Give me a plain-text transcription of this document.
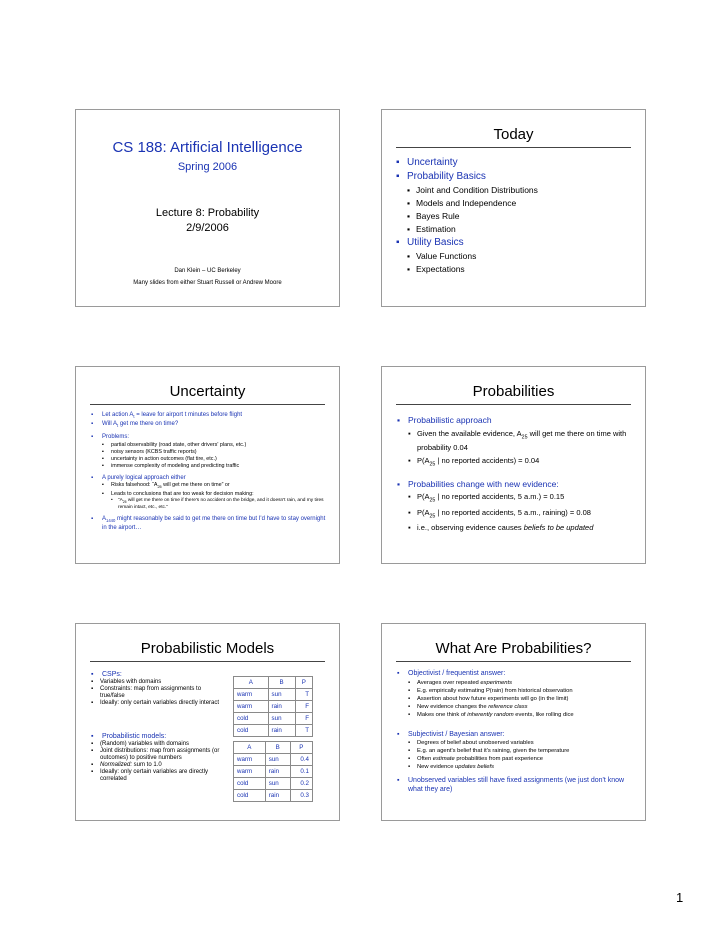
CS 188: Artificial Intelligence
Spring 2006
Lecture 8: Probability
2/9/2006
Dan Klein – UC Berkeley
Many slides from either Stuart Russell or Andrew Moore
Today
▪ Uncertainty
▪ Probability Basics
▪ Joint and Condition Distributions
▪ Models and Independence
▪ Bayes Rule
▪ Estimation
▪ Utility Basics
▪ Value Functions
▪ Expectations
Uncertainty
▪ Let action $A_t$ = leave for airport t minutes before flight
▪ Will $A_t$ get me there on time?
▪ Problems:
▪ partial observability (road state, other drivers' plans, etc.)
▪ noisy sensors (KCBS traffic reports)
▪ uncertainty in action outcomes (flat tire, etc.)
▪ immense complexity of modeling and predicting traffic
▪ A purely logical approach either
▪ Risks falsehood: “$A_{25}$ will get me there on time” or
▪ Leads to conclusions that are too weak for decision making:
• “$A_{25}$ will get me there on time if there's no accident on the bridge, and it doesn't rain, and my tires remain intact, etc., etc.”
▪ $A_{1440}$ might reasonably be said to get me there on time but I'd have to stay overnight in the airport…
Probabilities
▪ Probabilistic approach
▪ Given the available evidence, $A_{25}$ will get me there on time with probability 0.04
▪ $P(A_{25}$ | no reported accidents) = 0.04
▪ Probabilities change with new evidence:
▪ $P(A_{25}$ | no reported accidents, 5 a.m.) = 0.15
▪ $P(A_{25}$ | no reported accidents, 5 a.m., raining) = 0.08
▪ i.e., observing evidence causes beliefs to be updated
Probabilistic Models
▪ CSPs:
▪ Variables with domains
▪ Constraints: map from assignments to true/false
▪ Ideally: only certain variables directly interact
▪ Probabilistic models:
▪ (Random) variables with domains
▪ Joint distributions: map from assignments (or outcomes) to positive numbers
▪ Normalized: sum to 1.0
▪ Ideally: only certain variables are directly correlated
A	B	P
warm	sun	T
warm	rain	F
cold	sun	F
cold	rain	T
A	B	P
warm	sun	0.4
warm	rain	0.1
cold	sun	0.2
cold	rain	0.3
What Are Probabilities?
▪ Objectivist / frequentist answer:
▪ Averages over repeated experiments
▪ E.g. empirically estimating P(rain) from historical observation
▪ Assertion about how future experiments will go (in the limit)
▪ New evidence changes the reference class
▪ Makes one think of inherently random events, like rolling dice
▪ Subjectivist / Bayesian answer:
▪ Degrees of belief about unobserved variables
▪ E.g. an agent's belief that it's raining, given the temperature
▪ Often estimate probabilities from past experience
▪ New evidence updates beliefs
▪ Unobserved variables still have fixed assignments (we just don't know what they are)
1
